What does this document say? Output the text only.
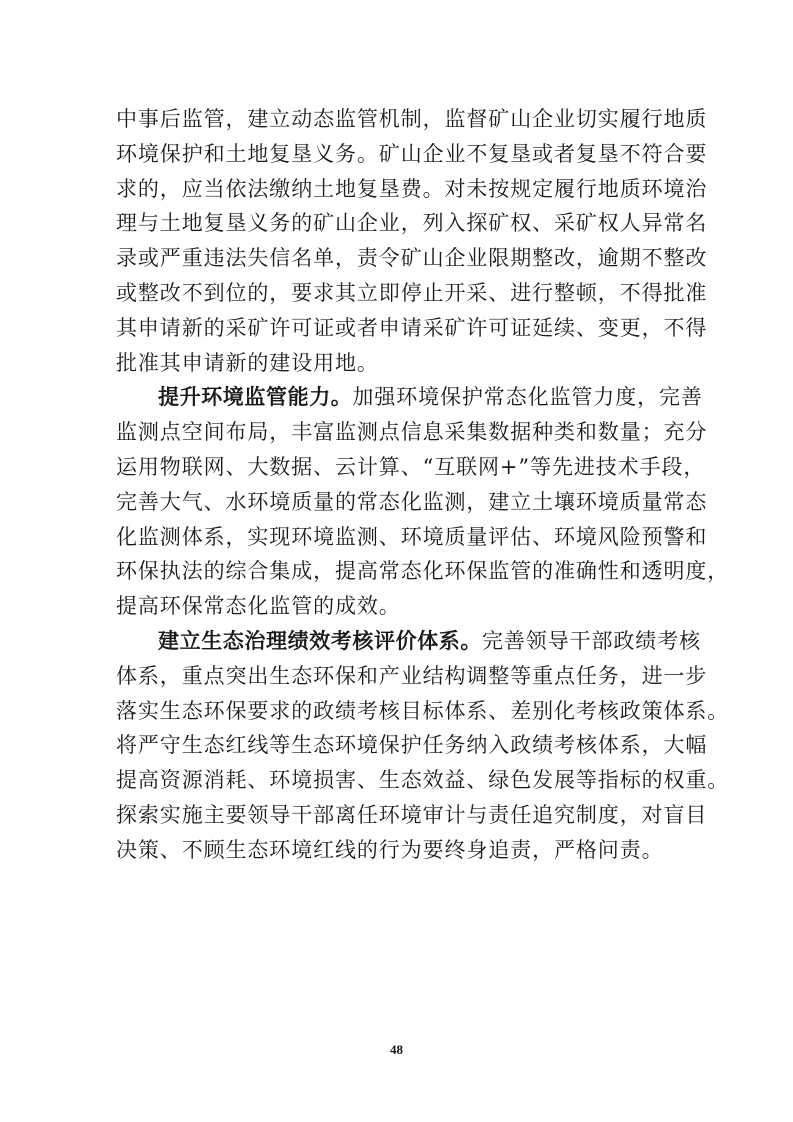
中事后监管，建立动态监管机制，监督矿山企业切实履行地质
环境保护和土地复垦义务。矿山企业不复垦或者复垦不符合要
求的，应当依法缴纳土地复垦费。对未按规定履行地质环境治
理与土地复垦义务的矿山企业，列入探矿权、采矿权人异常名
录或严重违法失信名单，责令矿山企业限期整改，逾期不整改
或整改不到位的，要求其立即停止开采、进行整顿，不得批准
其申请新的采矿许可证或者申请采矿许可证延续、变更，不得
批准其申请新的建设用地。

提升环境监管能力。加强环境保护常态化监管力度，完善
监测点空间布局，丰富监测点信息采集数据种类和数量；充分
运用物联网、大数据、云计算、“互联网+”等先进技术手段，
完善大气、水环境质量的常态化监测，建立土壤环境质量常态
化监测体系，实现环境监测、环境质量评估、环境风险预警和
环保执法的综合集成，提高常态化环保监管的准确性和透明度，
提高环保常态化监管的成效。

建立生态治理绩效考核评价体系。完善领导干部政绩考核
体系，重点突出生态环保和产业结构调整等重点任务，进一步
落实生态环保要求的政绩考核目标体系、差别化考核政策体系。
将严守生态红线等生态环境保护任务纳入政绩考核体系，大幅
提高资源消耗、环境损害、生态效益、绿色发展等指标的权重。
探索实施主要领导干部离任环境审计与责任追究制度，对盲目
决策、不顾生态环境红线的行为要终身追责，严格问责。

48
